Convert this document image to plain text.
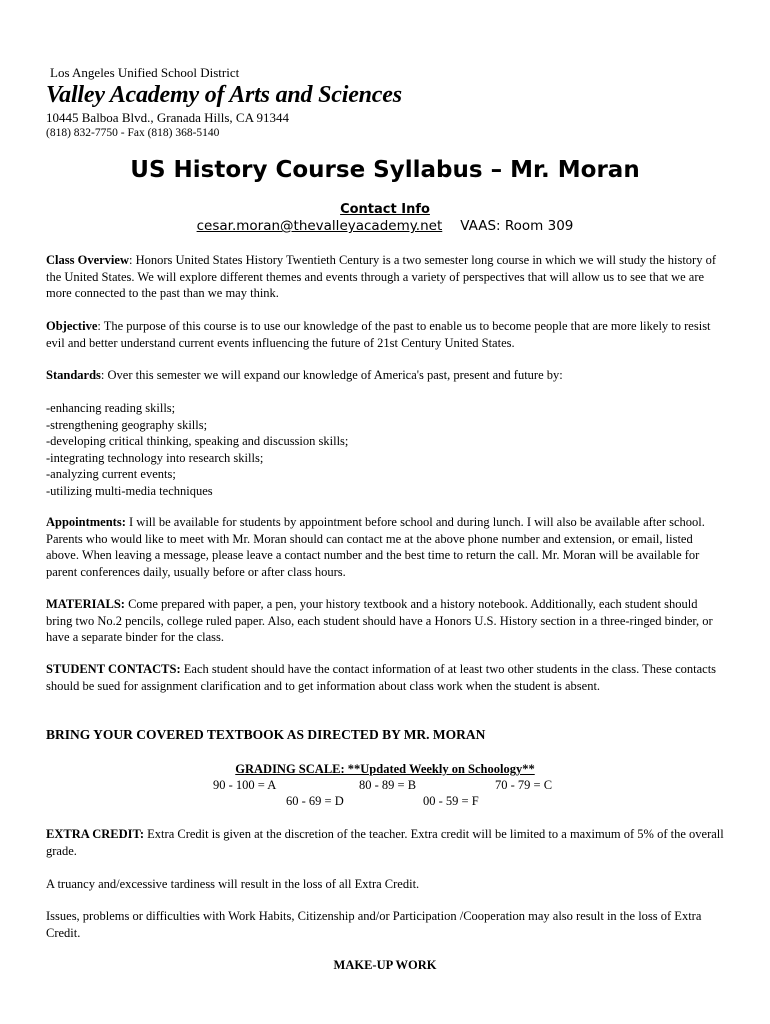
Los Angeles Unified School District
Valley Academy of Arts and Sciences
10445 Balboa Blvd., Granada Hills, CA 91344
(818) 832-7750 - Fax (818) 368-5140
US History Course Syllabus – Mr. Moran
Contact Info
cesar.moran@thevalleyacademy.net VAAS: Room 309
Class Overview: Honors United States History Twentieth Century is a two semester long course in which we will study the history of the United States. We will explore different themes and events through a variety of perspectives that will allow us to see that we are more connected to the past than we may think.
Objective: The purpose of this course is to use our knowledge of the past to enable us to become people that are more likely to resist evil and better understand current events influencing the future of 21st Century United States.
Standards: Over this semester we will expand our knowledge of America's past, present and future by:
-enhancing reading skills;
-strengthening geography skills;
-developing critical thinking, speaking and discussion skills;
-integrating technology into research skills;
-analyzing current events;
-utilizing multi-media techniques
Appointments: I will be available for students by appointment before school and during lunch. I will also be available after school. Parents who would like to meet with Mr. Moran should can contact me at the above phone number and extension, or email, listed above. When leaving a message, please leave a contact number and the best time to return the call. Mr. Moran will be available for parent conferences daily, usually before or after class hours.
MATERIALS: Come prepared with paper, a pen, your history textbook and a history notebook. Additionally, each student should bring two No.2 pencils, college ruled paper. Also, each student should have a Honors U.S. History section in a three-ringed binder, or have a separate binder for the class.
STUDENT CONTACTS: Each student should have the contact information of at least two other students in the class. These contacts should be sued for assignment clarification and to get information about class work when the student is absent.
BRING YOUR COVERED TEXTBOOK AS DIRECTED BY MR. MORAN
GRADING SCALE: **Updated Weekly on Schoology**
90 - 100 = A	80 - 89 = B	70 - 79 = C
60 - 69 = D	00 - 59 = F
EXTRA CREDIT: Extra Credit is given at the discretion of the teacher. Extra credit will be limited to a maximum of 5% of the overall grade.
A truancy and/excessive tardiness will result in the loss of all Extra Credit.
Issues, problems or difficulties with Work Habits, Citizenship and/or Participation /Cooperation may also result in the loss of Extra Credit.
MAKE-UP WORK
